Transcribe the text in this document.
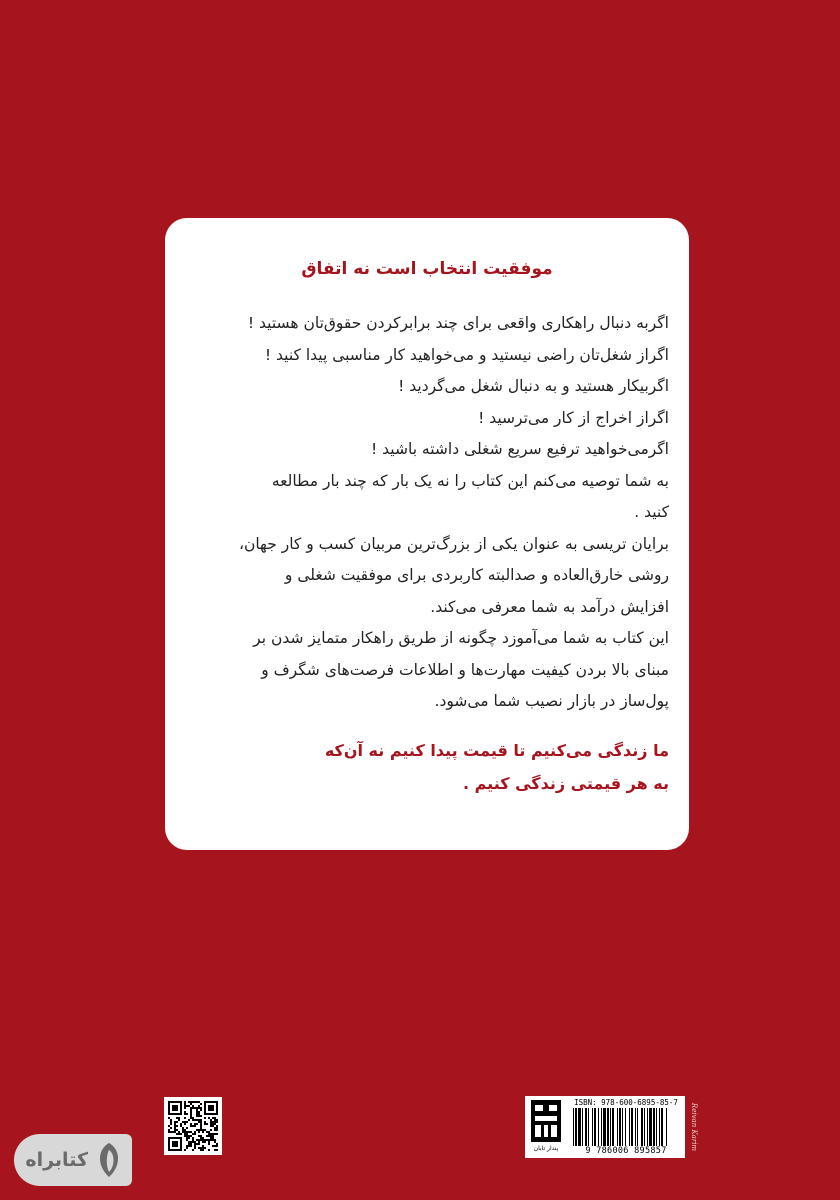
موفقیت انتخاب است نه اتفاق

اگربه دنبال راهکاری واقعی برای چند برابرکردن حقوق‌تان هستید !

اگراز شغل‌تان راضی نیستید و می‌خواهید کار مناسبی پیدا کنید !

اگربیکار هستید و به دنبال شغل می‌گردید !

اگراز اخراج از کار می‌ترسید !

اگرمی‌خواهید ترفیع سریع شغلی داشته باشید !

به شما توصیه می‌کنم این کتاب را نه یک بار که چند بار مطالعه

کنید .

برایان تریسی به عنوان یکی از بزرگ‌ترین مربیان کسب و کار جهان،

روشی خارق‌العاده و صدالبته کاربردی برای موفقیت شغلی و

افزایش درآمد به شما معرفی می‌کند.

این کتاب به شما می‌آموزد چگونه از طریق راهکار متمایز شدن بر

مبنای بالا بردن کیفیت مهارت‌ها و اطلاعات فرصت‌های شگرف و

پول‌ساز در بازار نصیب شما می‌شود.

ما زندگی می‌کنیم تا قیمت پیدا کنیم نه آن‌که

به هر قیمتی زندگی کنیم .

کتابراه
پندار تابان
ISBN: 978-600-6895-85-7
9 786006 895857	Reivan Karim
